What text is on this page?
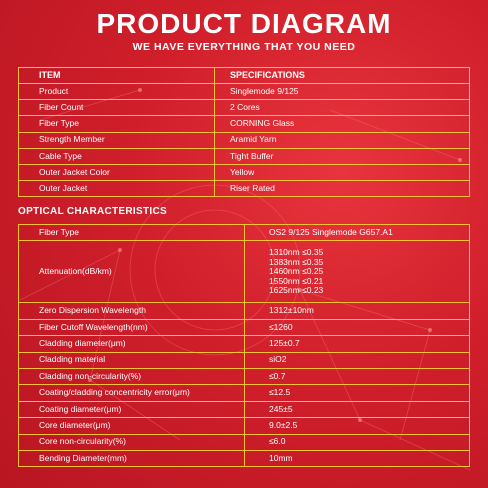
PRODUCT DIAGRAM
WE HAVE EVERYTHING THAT YOU NEED
ITEM	SPECIFICATIONS
Product	Singlemode 9/125
Fiber Count	2 Cores
Fiber Type	CORNING Glass
Strength Member	Aramid Yarn
Cable Type	Tight Buffer
Outer Jacket Color	Yellow
Outer Jacket	Riser Rated
OPTICAL CHARACTERISTICS
Fiber Type	OS2 9/125 Singlemode G657.A1
Attenuation(dB/km)	1310nm ≤0.35
1383nm ≤0.35
1460nm ≤0.25
1550nm ≤0.21
1625nm ≤0.23

Zero Dispersion Wavelength	1312±10nm
Fiber Cutoff Wavelength(nm)	≤1260
Cladding diameter(μm)	125±0.7
Cladding material	siO2
Cladding non-circularity(%)	≤0.7
Coating/cladding concentricity error(μm)	≤12.5
Coating diameter(μm)	245±5
Core diameter(μm)	9.0±2.5
Core non-circularity(%)	≤6.0
Bending Diameter(mm)	10mm
